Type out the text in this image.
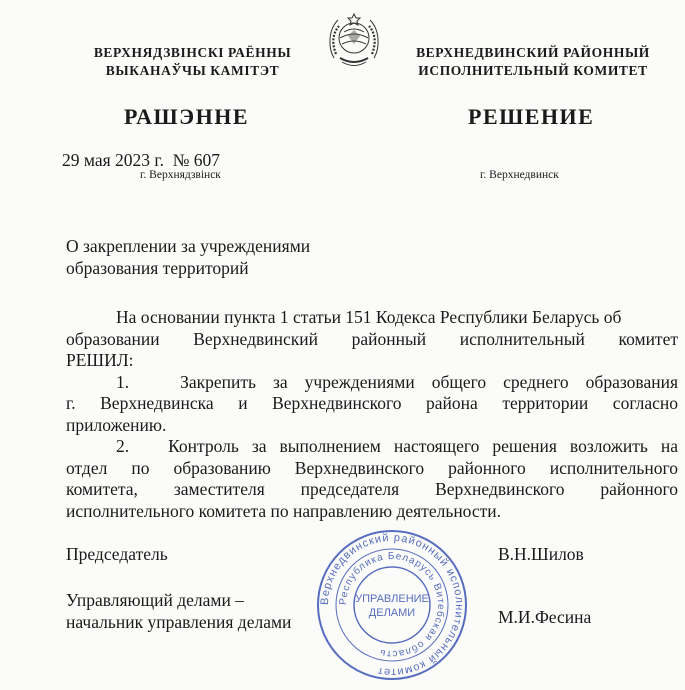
ВЕРХНЯДЗВІНСКІ РАЁННЫ
ВЫКАНАЎЧЫ КАМІТЭТ
ВЕРХНЕДВИНСКИЙ РАЙОННЫЙ
ИСПОЛНИТЕЛЬНЫЙ КОМИТЕТ
РАШЭННЕ	РЕШЕНИЕ
29 мая 2023 г.  № 607
г. Верхнядзвінск	г. Верхнедвинск
О закреплении за учреждениями
образования территорий
На основании пункта 1 статьи 151 Кодекса Республики Беларусь об
образовании Верхнедвинский районный исполнительный комитет
РЕШИЛ:
1.   Закрепить за учреждениями общего среднего образования
г. Верхнедвинска и Верхнедвинского района территории согласно
приложению.
2.   Контроль за выполнением настоящего решения возложить на
отдел по образованию Верхнедвинского районного исполнительного
комитета, заместителя председателя Верхнедвинского районного
исполнительного комитета по направлению деятельности.
Председатель	В.Н.Шилов
Управляющий делами –
начальник управления делами	М.И.Фесина
Верхнедвинский районный исполнительный комитет
Республика Беларусь Витебская область
УПРАВЛЕНИЕ
ДЕЛАМИ
